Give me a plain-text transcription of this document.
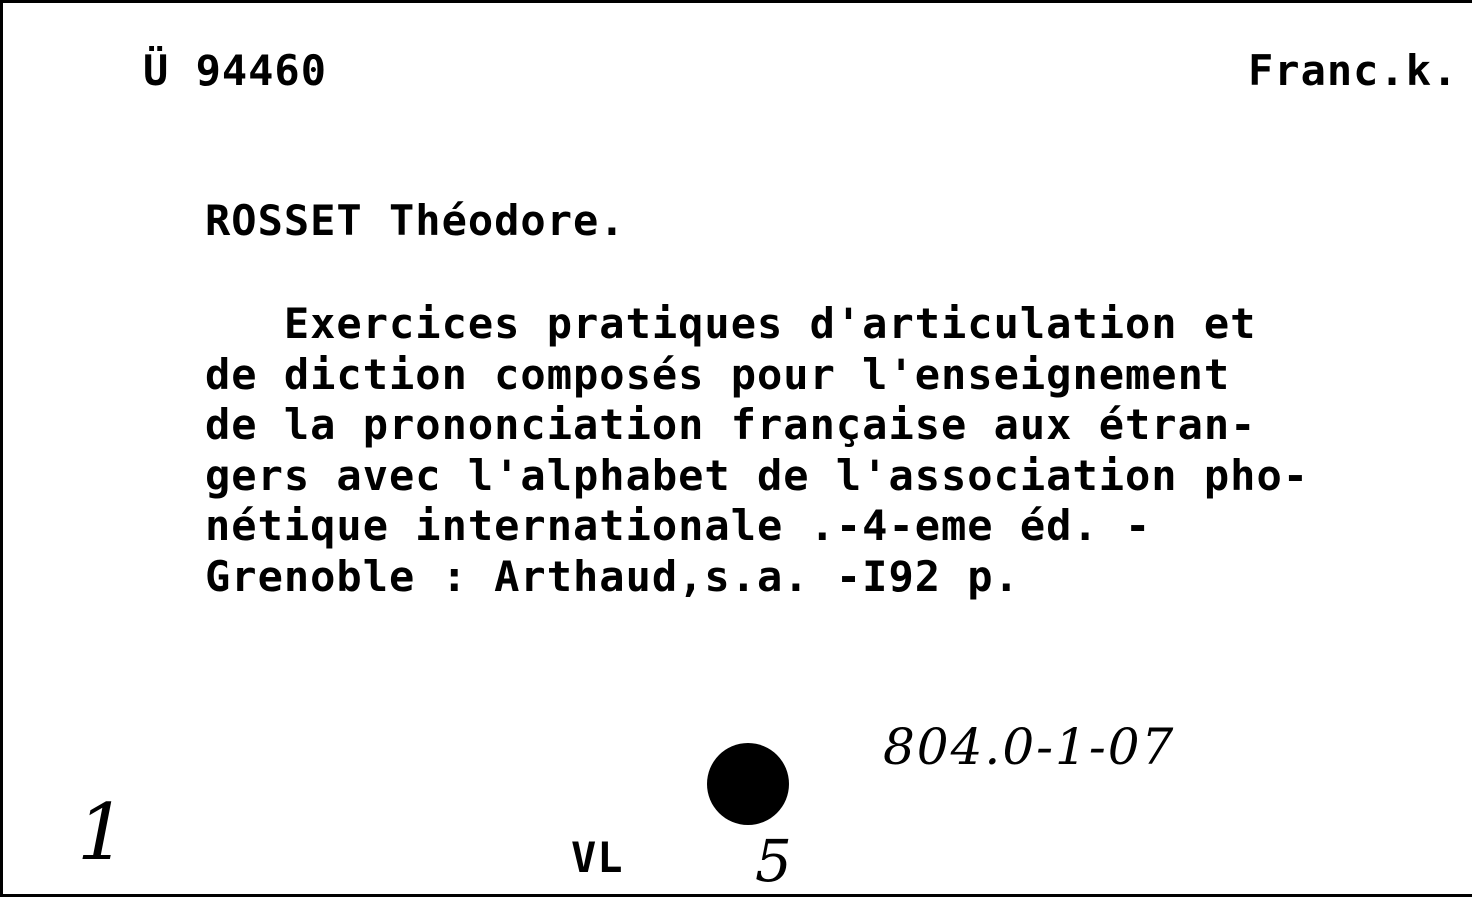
Ü 94460	Franc.k.
ROSSET Théodore.
Exercices pratiques d'articulation et
de diction composés pour l'enseignement
de la prononciation française aux étran-
gers avec l'alphabet de l'association pho-
nétique internationale .-4-eme éd. -
Grenoble : Arthaud,s.a. -I92 p.
804.0-1-07
1	VL 5
